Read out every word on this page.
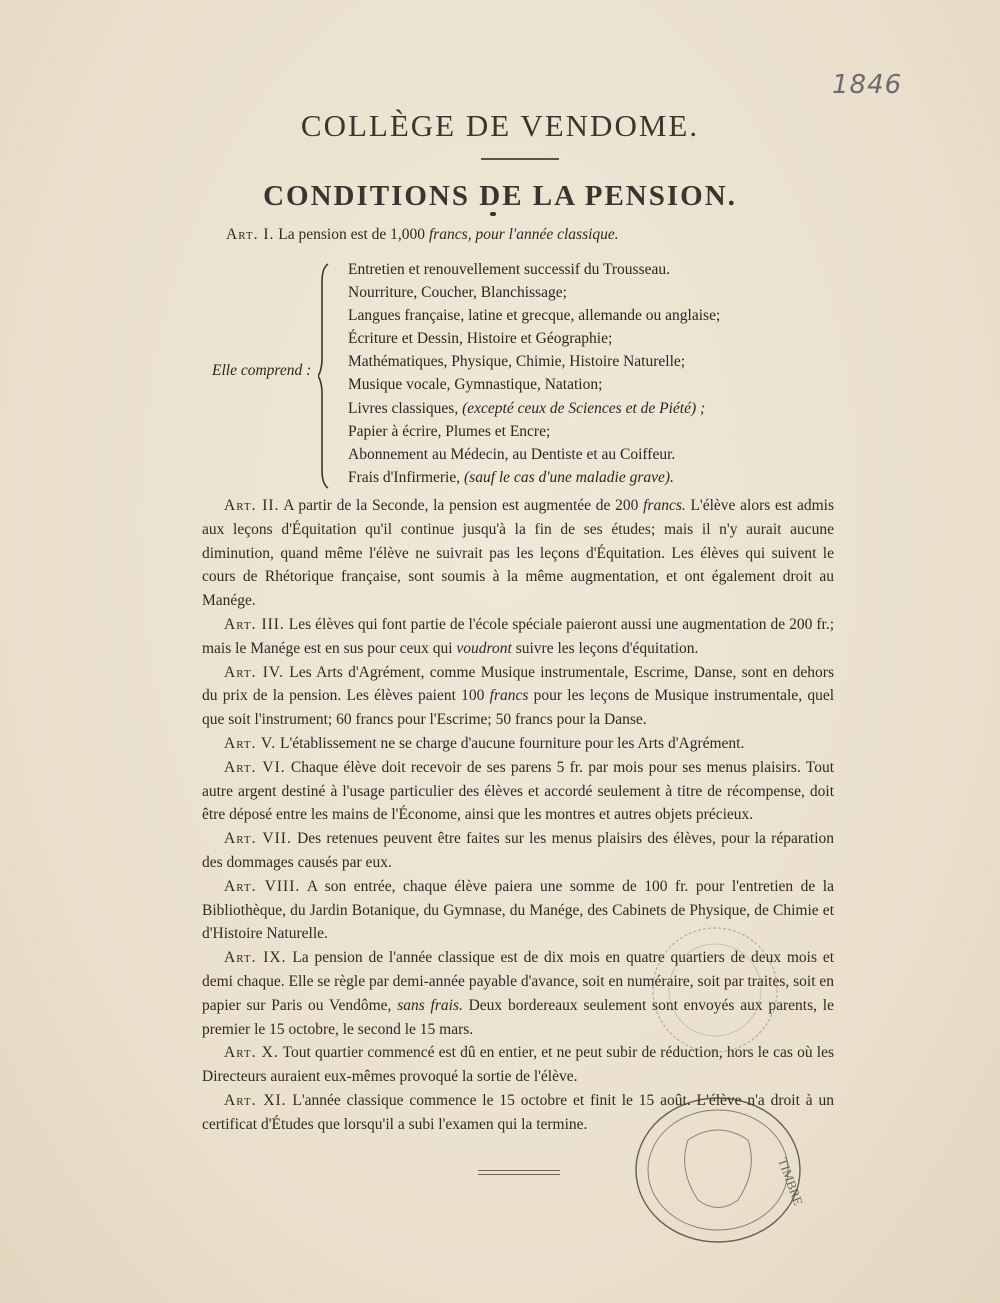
1846
COLLÈGE DE VENDOME.
CONDITIONS DE LA PENSION.
Art. I. La pension est de 1,000 francs, pour l'année classique.
Elle comprend :
Entretien et renouvellement successif du Trousseau.
Nourriture, Coucher, Blanchissage;
Langues française, latine et grecque, allemande ou anglaise;
Écriture et Dessin, Histoire et Géographie;
Mathématiques, Physique, Chimie, Histoire Naturelle;
Musique vocale, Gymnastique, Natation;
Livres classiques, (excepté ceux de Sciences et de Piété) ;
Papier à écrire, Plumes et Encre;
Abonnement au Médecin, au Dentiste et au Coiffeur.
Frais d'Infirmerie, (sauf le cas d'une maladie grave).

Art. II. A partir de la Seconde, la pension est augmentée de 200 francs. L'élève alors est admis aux leçons d'Équitation qu'il continue jusqu'à la fin de ses études; mais il n'y aurait aucune diminution, quand même l'élève ne suivrait pas les leçons d'Équitation. Les élèves qui suivent le cours de Rhétorique française, sont soumis à la même augmentation, et ont également droit au Manége.

Art. III. Les élèves qui font partie de l'école spéciale paieront aussi une augmentation de 200 fr.; mais le Manége est en sus pour ceux qui voudront suivre les leçons d'équitation.

Art. IV. Les Arts d'Agrément, comme Musique instrumentale, Escrime, Danse, sont en dehors du prix de la pension. Les élèves paient 100 francs pour les leçons de Musique instrumentale, quel que soit l'instrument; 60 francs pour l'Escrime; 50 francs pour la Danse.

Art. V. L'établissement ne se charge d'aucune fourniture pour les Arts d'Agrément.

Art. VI. Chaque élève doit recevoir de ses parens 5 fr. par mois pour ses menus plaisirs. Tout autre argent destiné à l'usage particulier des élèves et accordé seulement à titre de récompense, doit être déposé entre les mains de l'Économe, ainsi que les montres et autres objets précieux.

Art. VII. Des retenues peuvent être faites sur les menus plaisirs des élèves, pour la réparation des dommages causés par eux.

Art. VIII. A son entrée, chaque élève paiera une somme de 100 fr. pour l'entretien de la Bibliothèque, du Jardin Botanique, du Gymnase, du Manége, des Cabinets de Physique, de Chimie et d'Histoire Naturelle.

Art. IX. La pension de l'année classique est de dix mois en quatre quartiers de deux mois et demi chaque. Elle se règle par demi-année payable d'avance, soit en numéraire, soit par traites, soit en papier sur Paris ou Vendôme, sans frais. Deux bordereaux seulement sont envoyés aux parents, le premier le 15 octobre, le second le 15 mars.

Art. X. Tout quartier commencé est dû en entier, et ne peut subir de réduction, hors le cas où les Directeurs auraient eux-mêmes provoqué la sortie de l'élève.

Art. XI. L'année classique commence le 15 octobre et finit le 15 août. L'élève n'a droit à un certificat d'Études que lorsqu'il a subi l'examen qui la termine.

TIMBRE
